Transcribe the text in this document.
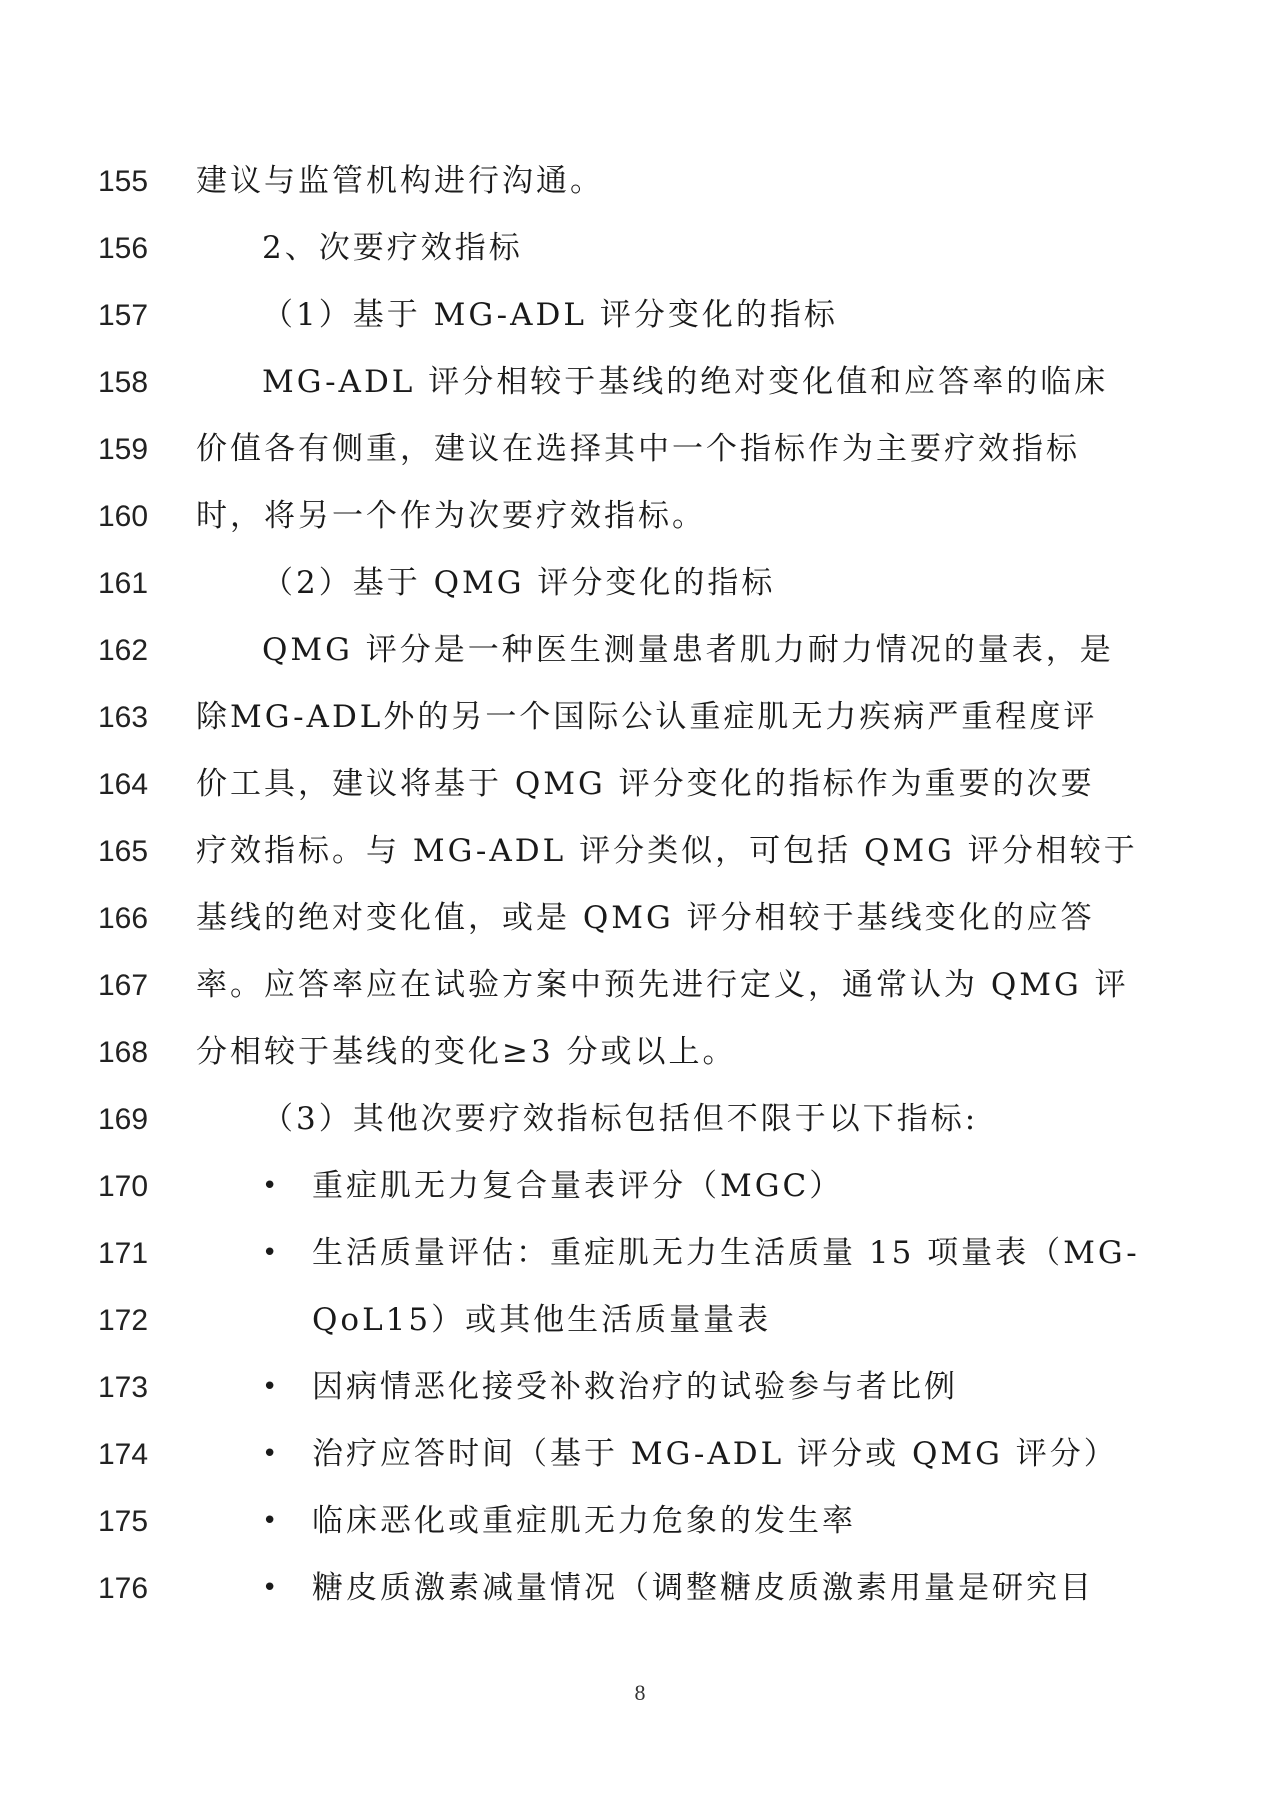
155	建议与监管机构进行沟通。
156	2、次要疗效指标
157	（1）基于 MG-ADL 评分变化的指标
158	MG-ADL 评分相较于基线的绝对变化值和应答率的临床
159	价值各有侧重，建议在选择其中一个指标作为主要疗效指标
160	时，将另一个作为次要疗效指标。
161	（2）基于 QMG 评分变化的指标
162	QMG 评分是一种医生测量患者肌力耐力情况的量表，是
163	除MG-ADL外的另一个国际公认重症肌无力疾病严重程度评
164	价工具，建议将基于 QMG 评分变化的指标作为重要的次要
165	疗效指标。与 MG-ADL 评分类似，可包括 QMG 评分相较于
166	基线的绝对变化值，或是 QMG 评分相较于基线变化的应答
167	率。应答率应在试验方案中预先进行定义，通常认为 QMG 评
168	分相较于基线的变化≥3 分或以上。
169	（3）其他次要疗效指标包括但不限于以下指标:
170	• 重症肌无力复合量表评分（MGC）
171	• 生活质量评估：重症肌无力生活质量 15 项量表（MG-
172	QoL15）或其他生活质量量表
173	• 因病情恶化接受补救治疗的试验参与者比例
174	• 治疗应答时间（基于 MG-ADL 评分或 QMG 评分）
175	• 临床恶化或重症肌无力危象的发生率
176	• 糖皮质激素减量情况（调整糖皮质激素用量是研究目
8
